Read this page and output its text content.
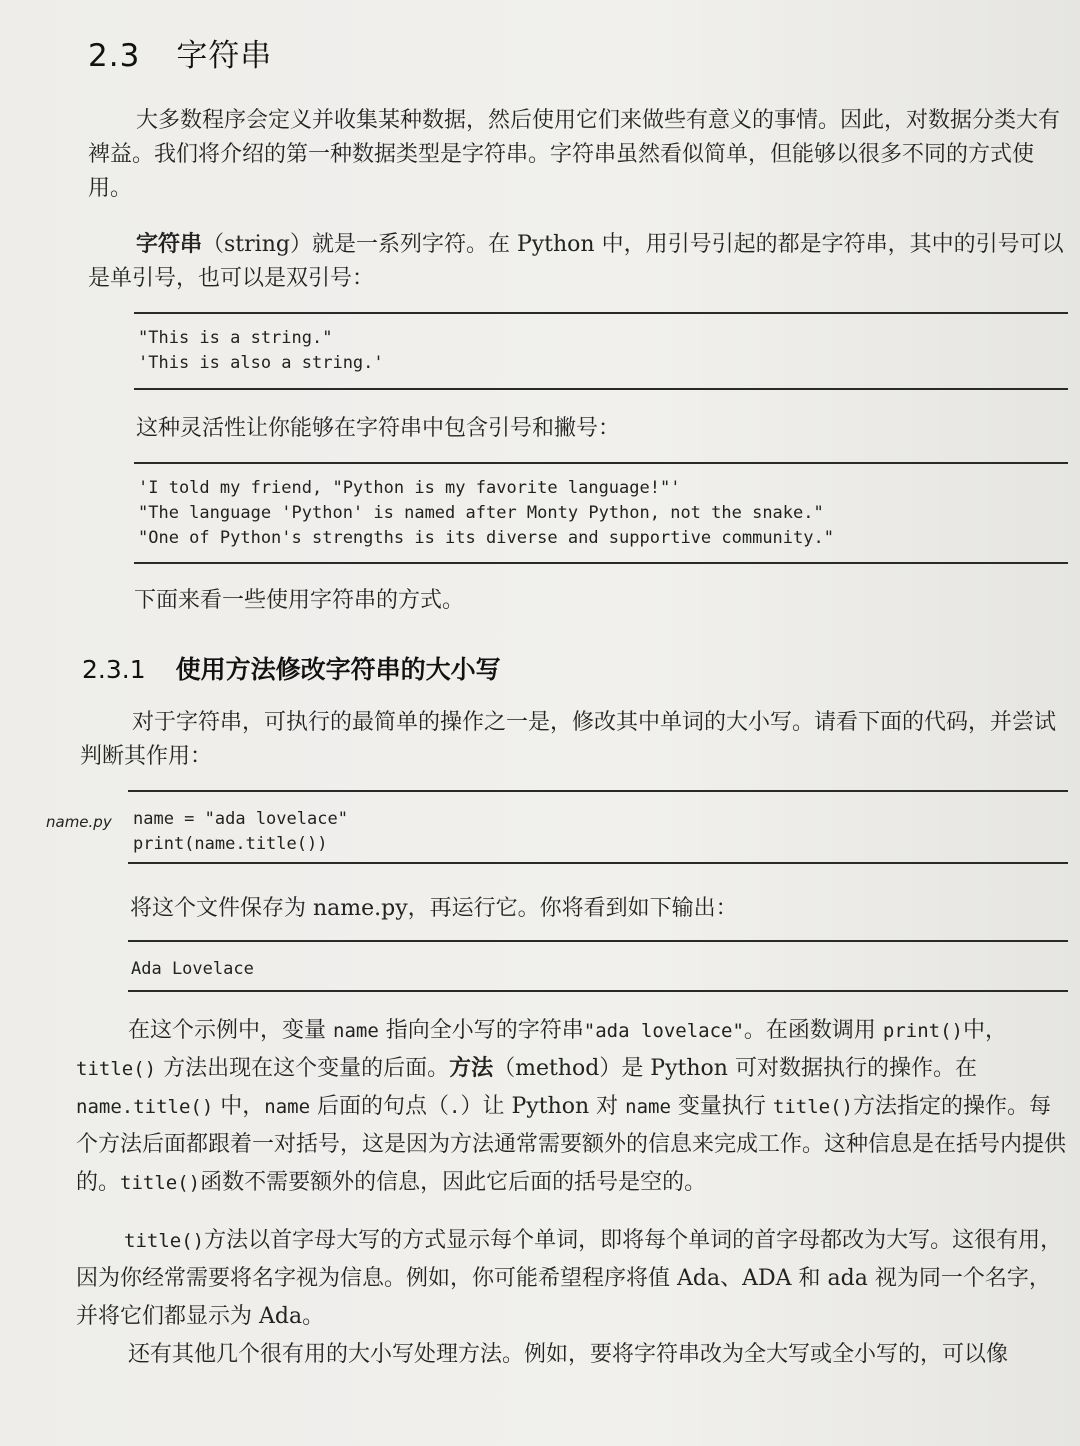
2.3 字符串
大多数程序会定义并收集某种数据，然后使用它们来做些有意义的事情。因此，对数据分类大有裨益。我们将介绍的第一种数据类型是字符串。字符串虽然看似简单，但能够以很多不同的方式使用。
字符串（string）就是一系列字符。在 Python 中，用引号引起的都是字符串，其中的引号可以是单引号，也可以是双引号：
"This is a string."
'This is also a string.'
这种灵活性让你能够在字符串中包含引号和撇号：
'I told my friend, "Python is my favorite language!"'
"The language 'Python' is named after Monty Python, not the snake."
"One of Python's strengths is its diverse and supportive community."
下面来看一些使用字符串的方式。
2.3.1 使用方法修改字符串的大小写
对于字符串，可执行的最简单的操作之一是，修改其中单词的大小写。请看下面的代码，并尝试判断其作用：
name.py name = "ada lovelace"
print(name.title())
将这个文件保存为 name.py，再运行它。你将看到如下输出：
Ada Lovelace
在这个示例中，变量 name 指向全小写的字符串"ada lovelace"。在函数调用 print()中，title() 方法出现在这个变量的后面。方法（method）是 Python 可对数据执行的操作。在 name.title() 中，name 后面的句点（.）让 Python 对 name 变量执行 title()方法指定的操作。每个方法后面都跟着一对括号，这是因为方法通常需要额外的信息来完成工作。这种信息是在括号内提供的。title()函数不需要额外的信息，因此它后面的括号是空的。
title()方法以首字母大写的方式显示每个单词，即将每个单词的首字母都改为大写。这很有用，因为你经常需要将名字视为信息。例如，你可能希望程序将值 Ada、ADA 和 ada 视为同一个名字，并将它们都显示为 Ada。
还有其他几个很有用的大小写处理方法。例如，要将字符串改为全大写或全小写的，可以像
